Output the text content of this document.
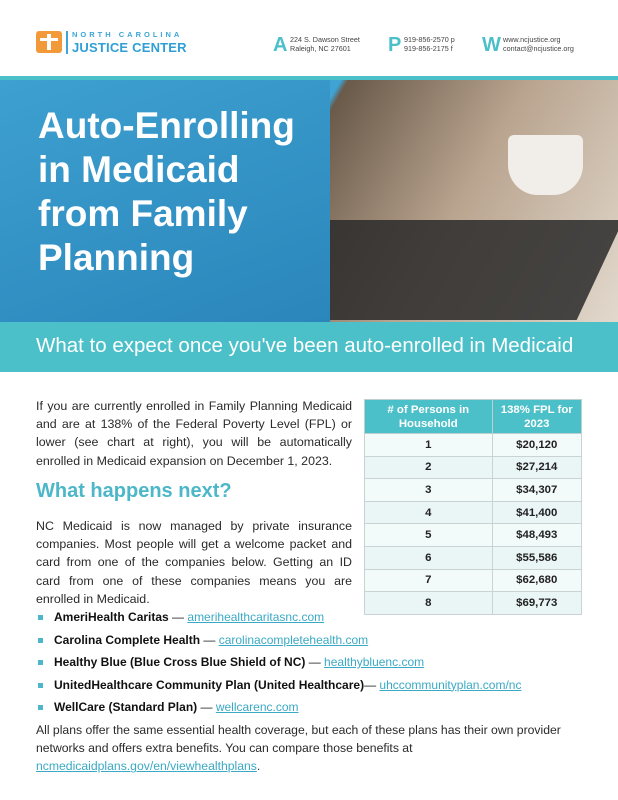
NORTH CAROLINA
JUSTICE CENTER	A 224 S. Dawson Street
Raleigh, NC 27601	P 919-856-2570 p
919-856-2175 f W www.ncjustice.org
contact@ncjustice.org
Auto-Enrolling
in Medicaid
from Family
Planning
What to expect once you've been auto-enrolled in Medicaid
If you are currently enrolled in Family Planning Medicaid and are at 138% of the Federal Poverty Level (FPL) or lower (see chart at right), you will be automatically enrolled in Medicaid expansion on December 1, 2023.
What happens next?
NC Medicaid is now managed by private insurance companies. Most people will get a welcome packet and card from one of the companies below. Getting an ID card from one of these companies means you are enrolled in Medicaid.
# of Persons in Household	138% FPL for 2023
1	$20,120
2	$27,214
3	$34,307
4	$41,400
5	$48,493
6	$55,586
7	$62,680
8	$69,773
AmeriHealth Caritas — amerihealthcaritasnc.com
Carolina Complete Health — carolinacompletehealth.com
Healthy Blue (Blue Cross Blue Shield of NC) — healthybluenc.com
UnitedHealthcare Community Plan (United Healthcare)— uhccommunityplan.com/nc
WellCare (Standard Plan) — wellcarenc.com
All plans offer the same essential health coverage, but each of these plans has their own provider networks and offers extra benefits. You can compare those benefits at ncmedicaidplans.gov/en/viewhealthplans.
